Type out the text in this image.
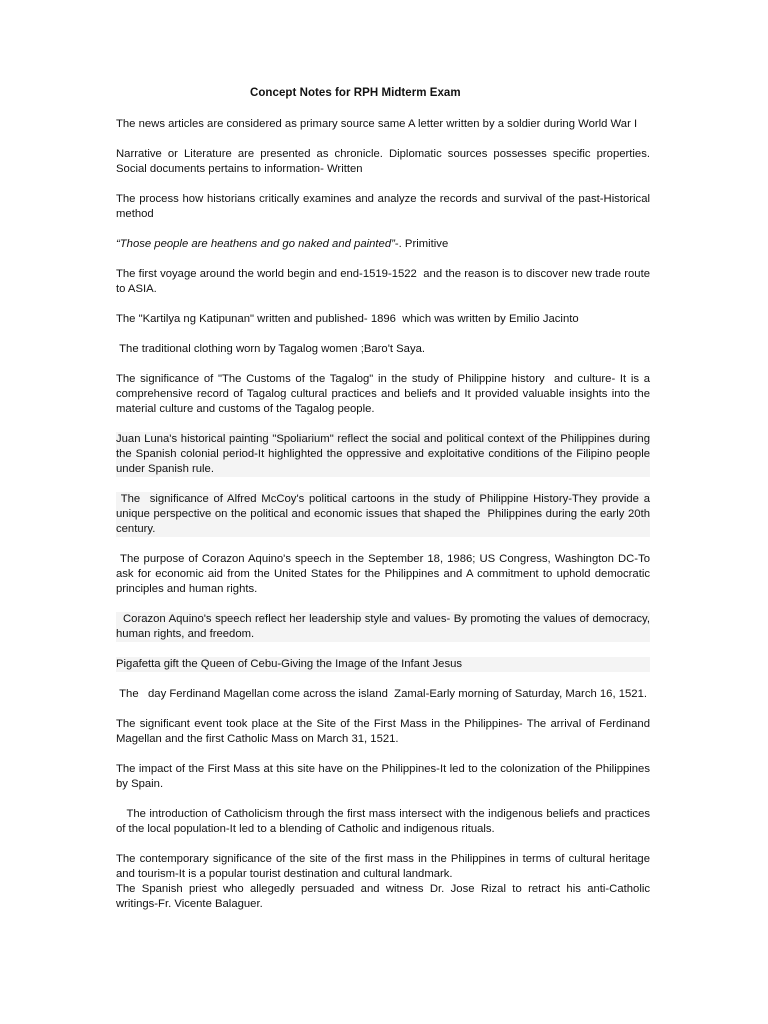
Concept Notes for RPH Midterm Exam

The news articles are considered as primary source same A letter written by a soldier during World War I

Narrative or Literature are presented as chronicle. Diplomatic sources possesses specific properties. Social documents pertains to information- Written

The process how historians critically examines and analyze the records and survival of the past-Historical method

“Those people are heathens and go naked and painted”-. Primitive

The first voyage around the world begin and end-1519-1522  and the reason is to discover new trade route to ASIA.

The "Kartilya ng Katipunan" written and published- 1896  which was written by Emilio Jacinto

The traditional clothing worn by Tagalog women ;Baro't Saya.

The significance of "The Customs of the Tagalog" in the study of Philippine history  and culture- It is a comprehensive record of Tagalog cultural practices and beliefs and It provided valuable insights into the material culture and customs of the Tagalog people.

Juan Luna's historical painting "Spoliarium" reflect the social and political context of the Philippines during the Spanish colonial period-It highlighted the oppressive and exploitative conditions of the Filipino people under Spanish rule.

The  significance of Alfred McCoy's political cartoons in the study of Philippine History-They provide a unique perspective on the political and economic issues that shaped the  Philippines during the early 20th century.

The purpose of Corazon Aquino's speech in the September 18, 1986; US Congress, Washington DC-To ask for economic aid from the United States for the Philippines and A commitment to uphold democratic principles and human rights.

Corazon Aquino's speech reflect her leadership style and values- By promoting the values of democracy, human rights, and freedom.

Pigafetta gift the Queen of Cebu-Giving the Image of the Infant Jesus

The   day Ferdinand Magellan come across the island  Zamal-Early morning of Saturday, March 16, 1521.

The significant event took place at the Site of the First Mass in the Philippines- The arrival of Ferdinand Magellan and the first Catholic Mass on March 31, 1521.

The impact of the First Mass at this site have on the Philippines-It led to the colonization of the Philippines by Spain.

The introduction of Catholicism through the first mass intersect with the indigenous beliefs and practices of the local population-It led to a blending of Catholic and indigenous rituals.

The contemporary significance of the site of the first mass in the Philippines in terms of cultural heritage and tourism-It is a popular tourist destination and cultural landmark.

The Spanish priest who allegedly persuaded and witness Dr. Jose Rizal to retract his anti-Catholic writings-Fr. Vicente Balaguer.
